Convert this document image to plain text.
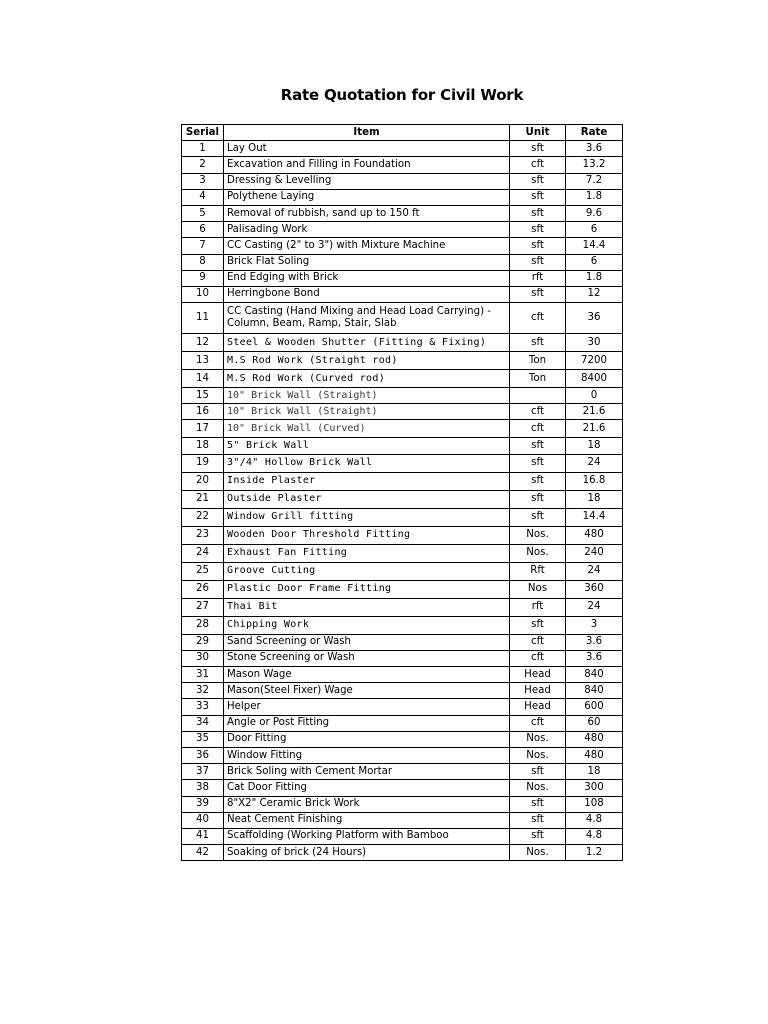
Rate Quotation for Civil Work
Serial	Item	Unit	Rate
1	Lay Out	sft	3.6
2	Excavation and Filling in Foundation	cft	13.2
3	Dressing & Levelling	sft	7.2
4	Polythene Laying	sft	1.8
5	Removal of rubbish, sand up to 150 ft	sft	9.6
6	Palisading Work	sft	6
7	CC Casting (2" to 3") with Mixture Machine	sft	14.4
8	Brick Flat Soling	sft	6
9	End Edging with Brick	rft	1.8
10	Herringbone Bond	sft	12
11	CC Casting (Hand Mixing and Head Load Carrying) - Column, Beam, Ramp, Stair, Slab	cft	36
12	Steel & Wooden Shutter (Fitting & Fixing)	sft	30
13	M.S Rod Work (Straight rod)	Ton	7200
14	M.S Rod Work (Curved rod)	Ton	8400
15	10" Brick Wall (Straight)		0
16	10" Brick Wall (Straight)	cft	21.6
17	10" Brick Wall (Curved)	cft	21.6
18	5" Brick Wall	sft	18
19	3"/4" Hollow Brick Wall	sft	24
20	Inside Plaster	sft	16.8
21	Outside Plaster	sft	18
22	Window Grill fitting	sft	14.4
23	Wooden Door Threshold Fitting	Nos.	480
24	Exhaust Fan Fitting	Nos.	240
25	Groove Cutting	Rft	24
26	Plastic Door Frame Fitting	Nos	360
27	Thai Bit	rft	24
28	Chipping Work	sft	3
29	Sand Screening or Wash	cft	3.6
30	Stone Screening or Wash	cft	3.6
31	Mason Wage	Head	840
32	Mason(Steel Fixer) Wage	Head	840
33	Helper	Head	600
34	Angle or Post Fitting	cft	60
35	Door Fitting	Nos.	480
36	Window Fitting	Nos.	480
37	Brick Soling with Cement Mortar	sft	18
38	Cat Door Fitting	Nos.	300
39	8"X2" Ceramic Brick Work	sft	108
40	Neat Cement Finishing	sft	4.8
41	Scaffolding (Working Platform with Bamboo	sft	4.8
42	Soaking of brick (24 Hours)	Nos.	1.2
